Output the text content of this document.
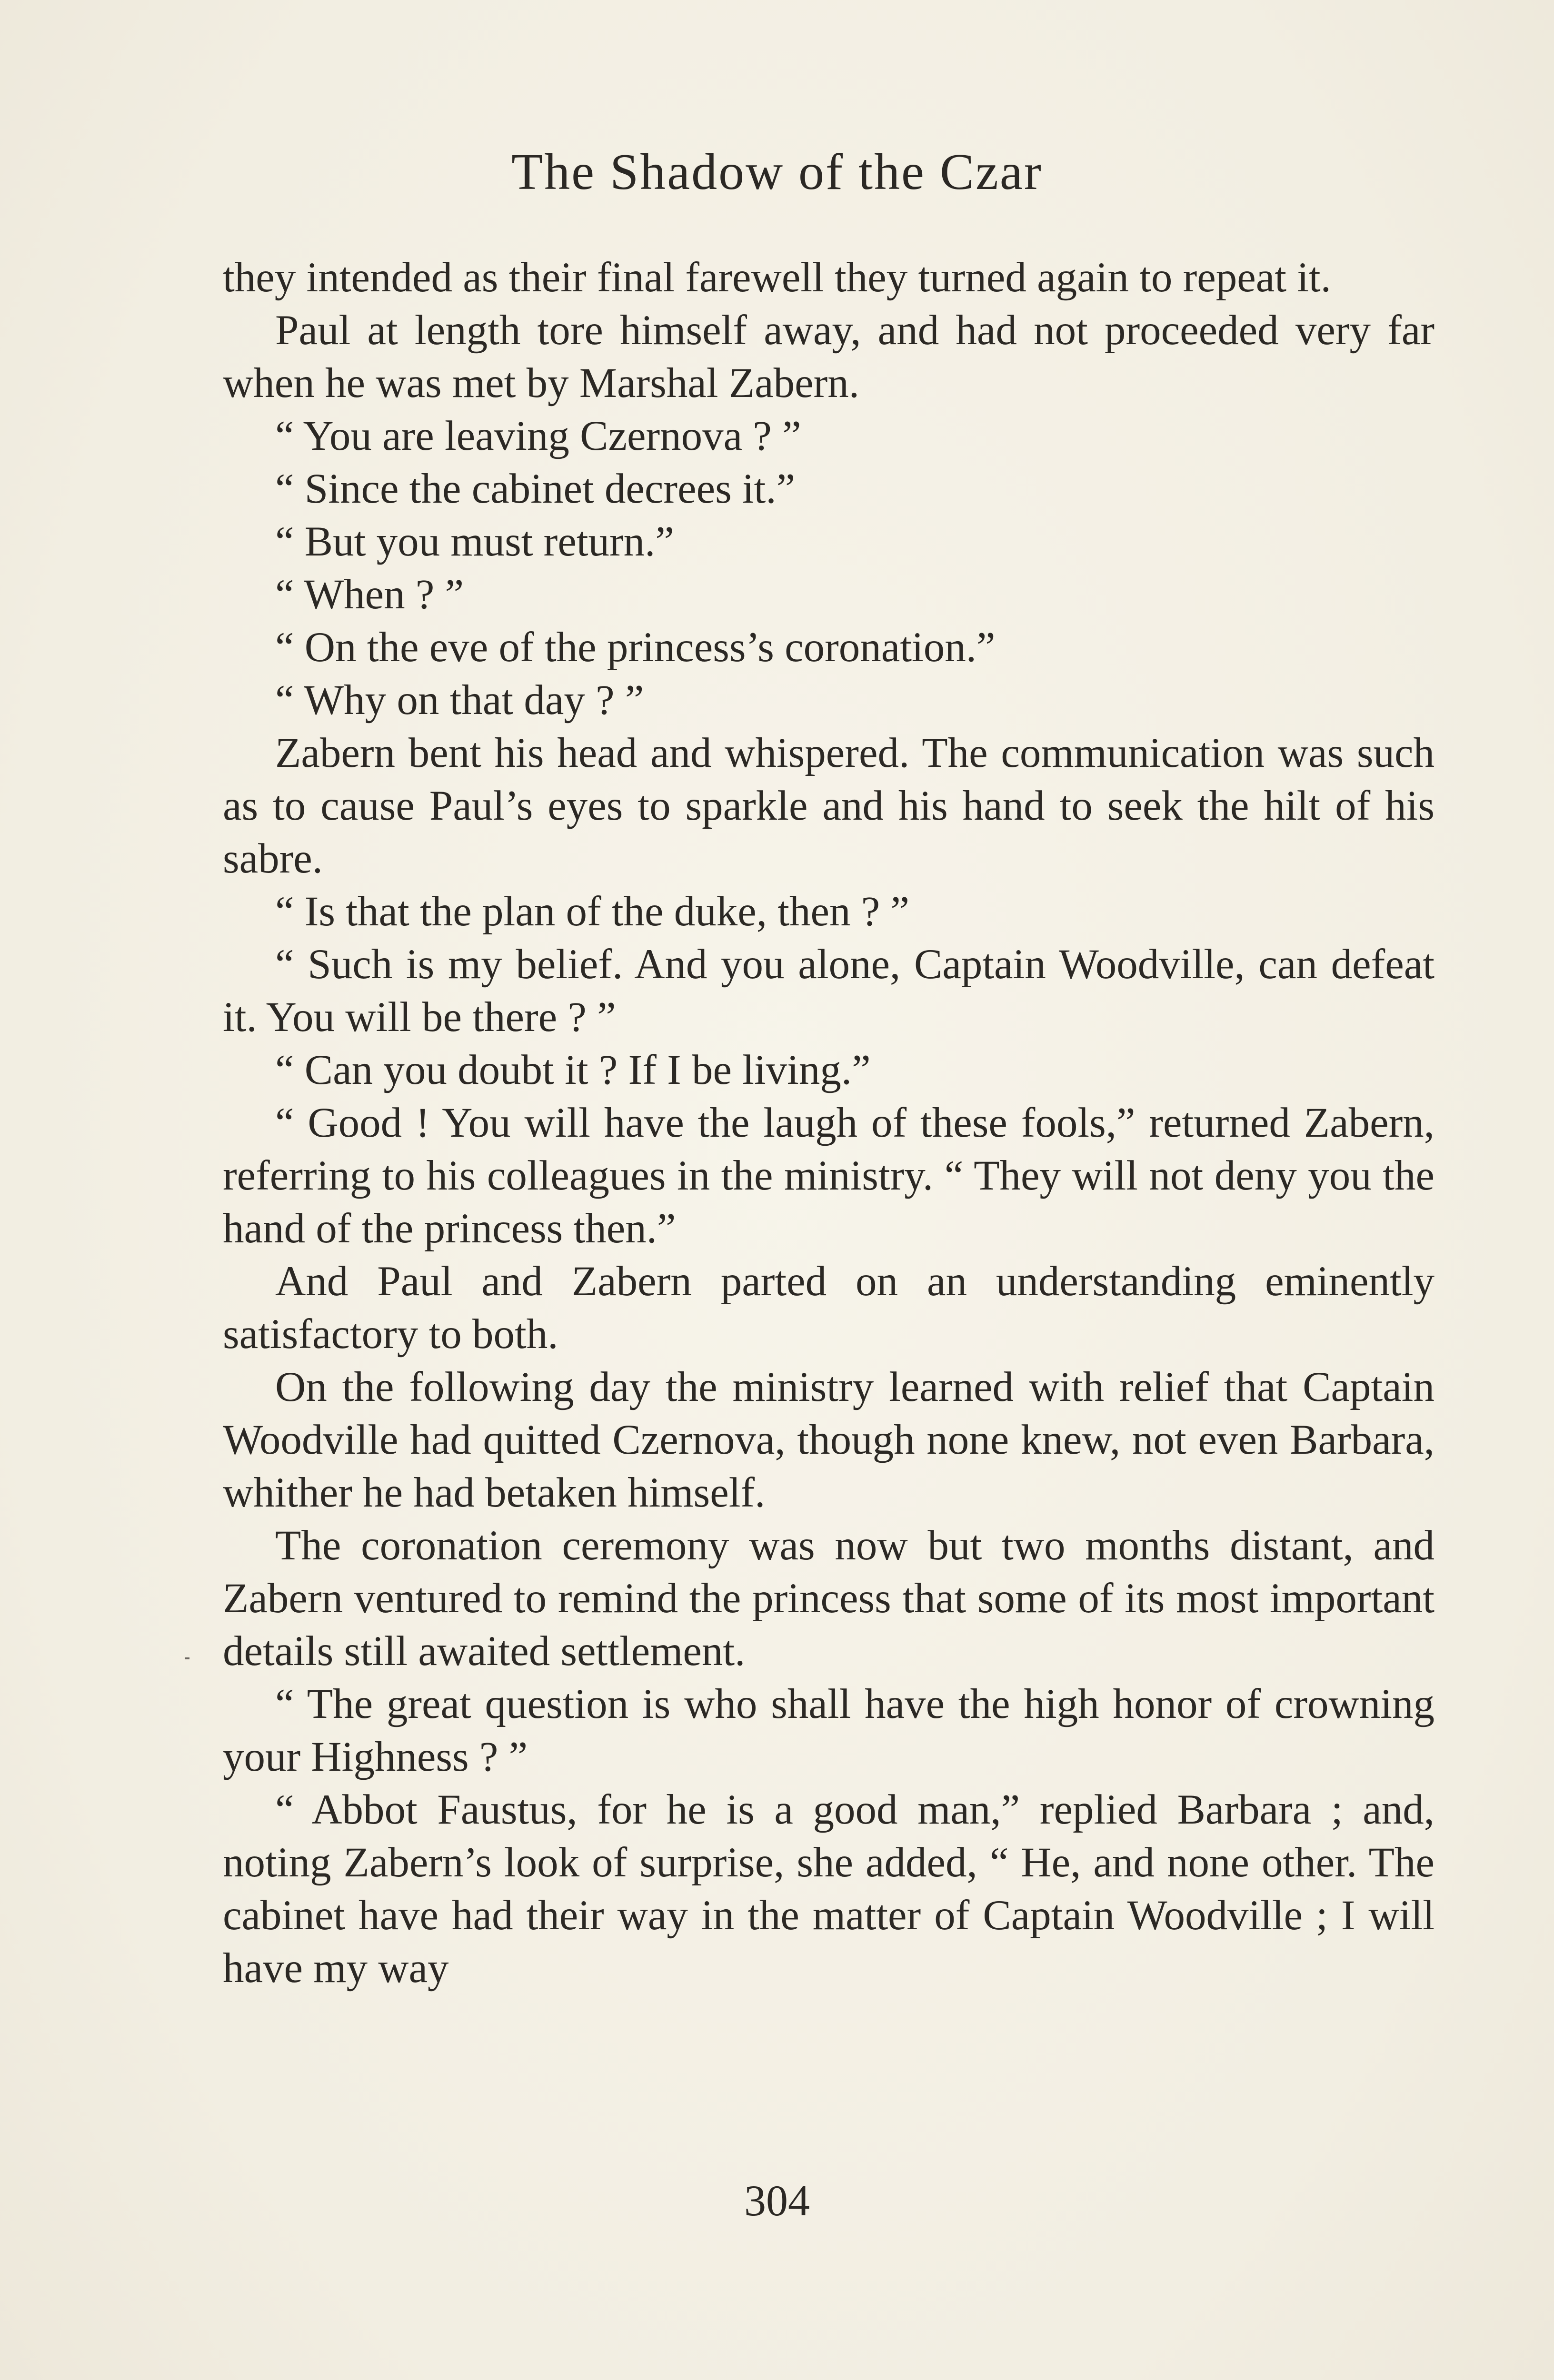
The Shadow of the Czar

they intended as their final farewell they turned again to repeat it.

Paul at length tore himself away, and had not proceeded very far when he was met by Marshal Zabern.

“ You are leaving Czernova ? ”

“ Since the cabinet decrees it.”

“ But you must return.”

“ When ? ”

“ On the eve of the princess’s coronation.”

“ Why on that day ? ”

Zabern bent his head and whispered. The communication was such as to cause Paul’s eyes to sparkle and his hand to seek the hilt of his sabre.

“ Is that the plan of the duke, then ? ”

“ Such is my belief. And you alone, Captain Woodville, can defeat it. You will be there ? ”

“ Can you doubt it ? If I be living.”

“ Good ! You will have the laugh of these fools,” returned Zabern, referring to his colleagues in the ministry. “ They will not deny you the hand of the princess then.”

And Paul and Zabern parted on an understanding eminently satisfactory to both.

On the following day the ministry learned with relief that Captain Woodville had quitted Czernova, though none knew, not even Barbara, whither he had betaken himself.

The coronation ceremony was now but two months distant, and Zabern ventured to remind the princess that some of its most important details still awaited settlement.

“ The great question is who shall have the high honor of crowning your Highness ? ”

“ Abbot Faustus, for he is a good man,” replied Barbara ; and, noting Zabern’s look of surprise, she added, “ He, and none other. The cabinet have had their way in the matter of Captain Woodville ; I will have my way

304
